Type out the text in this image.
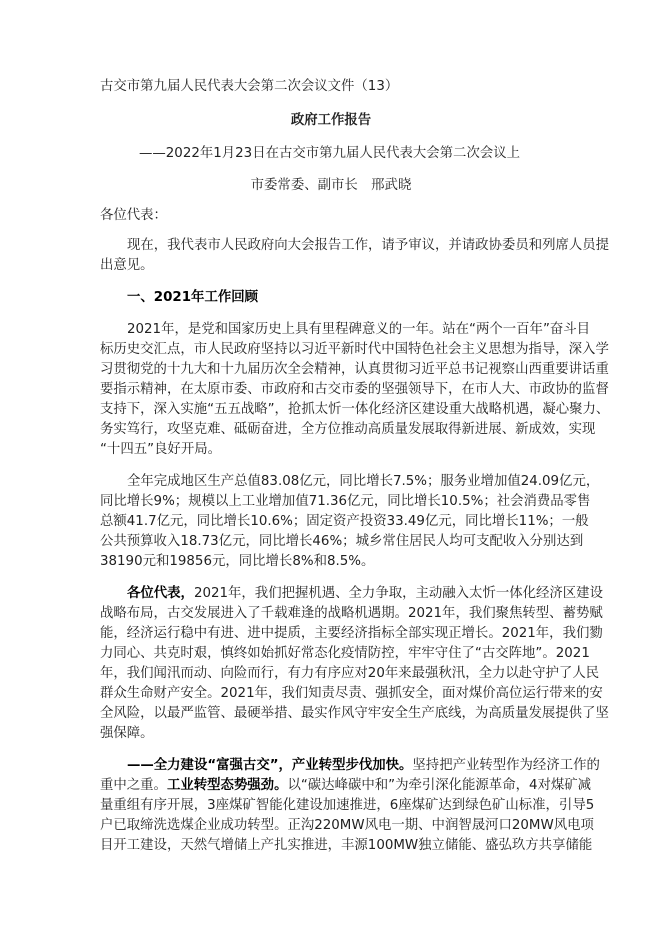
古交市第九届人民代表大会第二次会议文件（13）
政府工作报告
——2022年1月23日在古交市第九届人民代表大会第二次会议上
市委常委、副市长　邢武晓
各位代表：
现在，我代表市人民政府向大会报告工作，请予审议，并请政协委员和列席人员提
出意见。
一、2021年工作回顾
2021年，是党和国家历史上具有里程碑意义的一年。站在“两个一百年”奋斗目
标历史交汇点，市人民政府坚持以习近平新时代中国特色社会主义思想为指导，深入学
习贯彻党的十九大和十九届历次全会精神，认真贯彻习近平总书记视察山西重要讲话重
要指示精神，在太原市委、市政府和古交市委的坚强领导下，在市人大、市政协的监督
支持下，深入实施“五五战略”，抢抓太忻一体化经济区建设重大战略机遇，凝心聚力、
务实笃行，攻坚克难、砥砺奋进，全方位推动高质量发展取得新进展、新成效，实现
“十四五”良好开局。
全年完成地区生产总值83.08亿元，同比增长7.5%；服务业增加值24.09亿元，
同比增长9%；规模以上工业增加值71.36亿元，同比增长10.5%；社会消费品零售
总额41.7亿元，同比增长10.6%；固定资产投资33.49亿元，同比增长11%；一般
公共预算收入18.73亿元，同比增长46%；城乡常住居民人均可支配收入分别达到
38190元和19856元，同比增长8%和8.5%。
各位代表，2021年，我们把握机遇、全力争取，主动融入太忻一体化经济区建设
战略布局，古交发展进入了千载难逢的战略机遇期。2021年，我们聚焦转型、蓄势赋
能，经济运行稳中有进、进中提质，主要经济指标全部实现正增长。2021年，我们勠
力同心、共克时艰，慎终如始抓好常态化疫情防控，牢牢守住了“古交阵地”。2021
年，我们闻汛而动、向险而行，有力有序应对20年来最强秋汛，全力以赴守护了人民
群众生命财产安全。2021年，我们知责尽责、强抓安全，面对煤价高位运行带来的安
全风险，以最严监管、最硬举措、最实作风守牢安全生产底线，为高质量发展提供了坚
强保障。
——全力建设“富强古交”，产业转型步伐加快。坚持把产业转型作为经济工作的
重中之重。工业转型态势强劲。以“碳达峰碳中和”为牵引深化能源革命，4对煤矿减
量重组有序开展，3座煤矿智能化建设加速推进，6座煤矿达到绿色矿山标准，引导5
户已取缔洗选煤企业成功转型。正沟220MW风电一期、中润智晟河口20MW风电项
目开工建设，天然气增储上产扎实推进，丰源100MW独立储能、盛弘玖方共享储能
